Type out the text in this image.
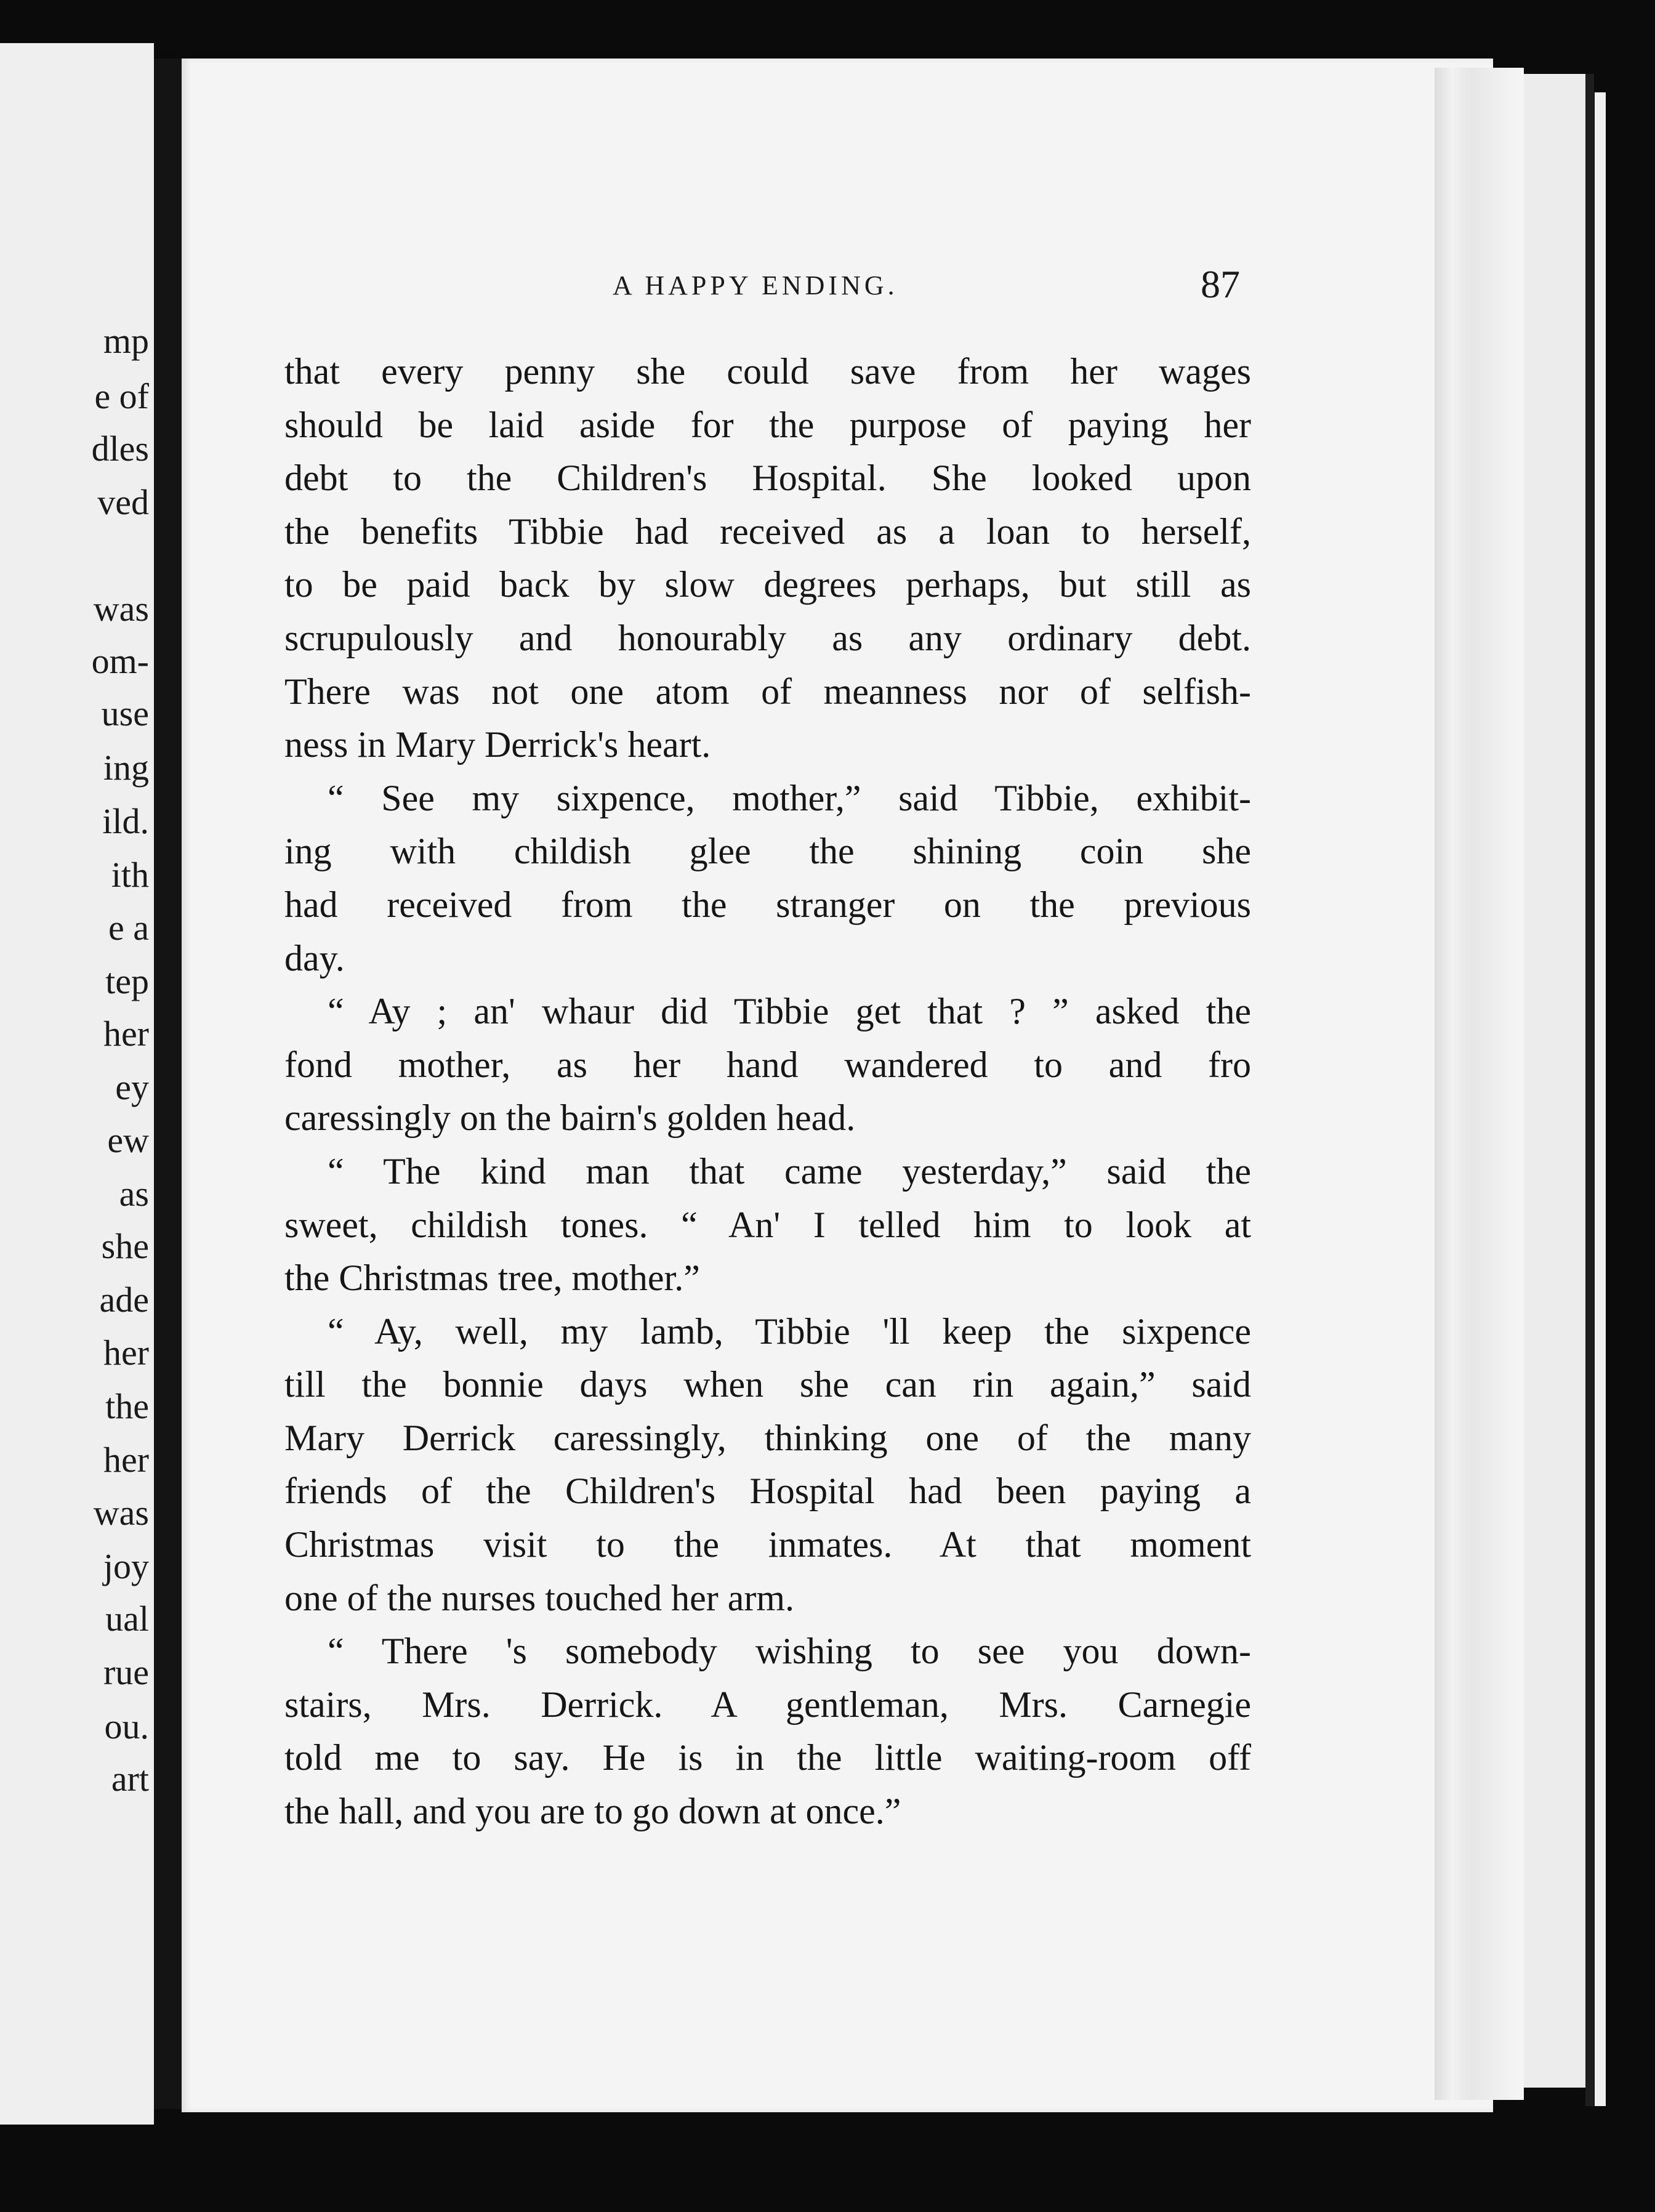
mp
e of
dles
ved
was
om-
use
ing
ild.
ith
e a
tep
her
ey
ew
as
she
ade
her
the
her
was
joy
ual
rue
ou.
art
A HAPPY ENDING.	87
that every penny she could save from her wages
should be laid aside for the purpose of paying her
debt to the Children's Hospital. She looked upon
the benefits Tibbie had received as a loan to herself,
to be paid back by slow degrees perhaps, but still as
scrupulously and honourably as any ordinary debt.
There was not one atom of meanness nor of selfish-
ness in Mary Derrick's heart.
“ See my sixpence, mother,” said Tibbie, exhibit-
ing with childish glee the shining coin she
had received from the stranger on the previous
day.
“ Ay ; an' whaur did Tibbie get that ? ” asked the
fond mother, as her hand wandered to and fro
caressingly on the bairn's golden head.
“ The kind man that came yesterday,” said the
sweet, childish tones. “ An' I telled him to look at
the Christmas tree, mother.”
“ Ay, well, my lamb, Tibbie 'll keep the sixpence
till the bonnie days when she can rin again,” said
Mary Derrick caressingly, thinking one of the many
friends of the Children's Hospital had been paying a
Christmas visit to the inmates. At that moment
one of the nurses touched her arm.
“ There 's somebody wishing to see you down-
stairs, Mrs. Derrick. A gentleman, Mrs. Carnegie
told me to say. He is in the little waiting-room off
the hall, and you are to go down at once.”
